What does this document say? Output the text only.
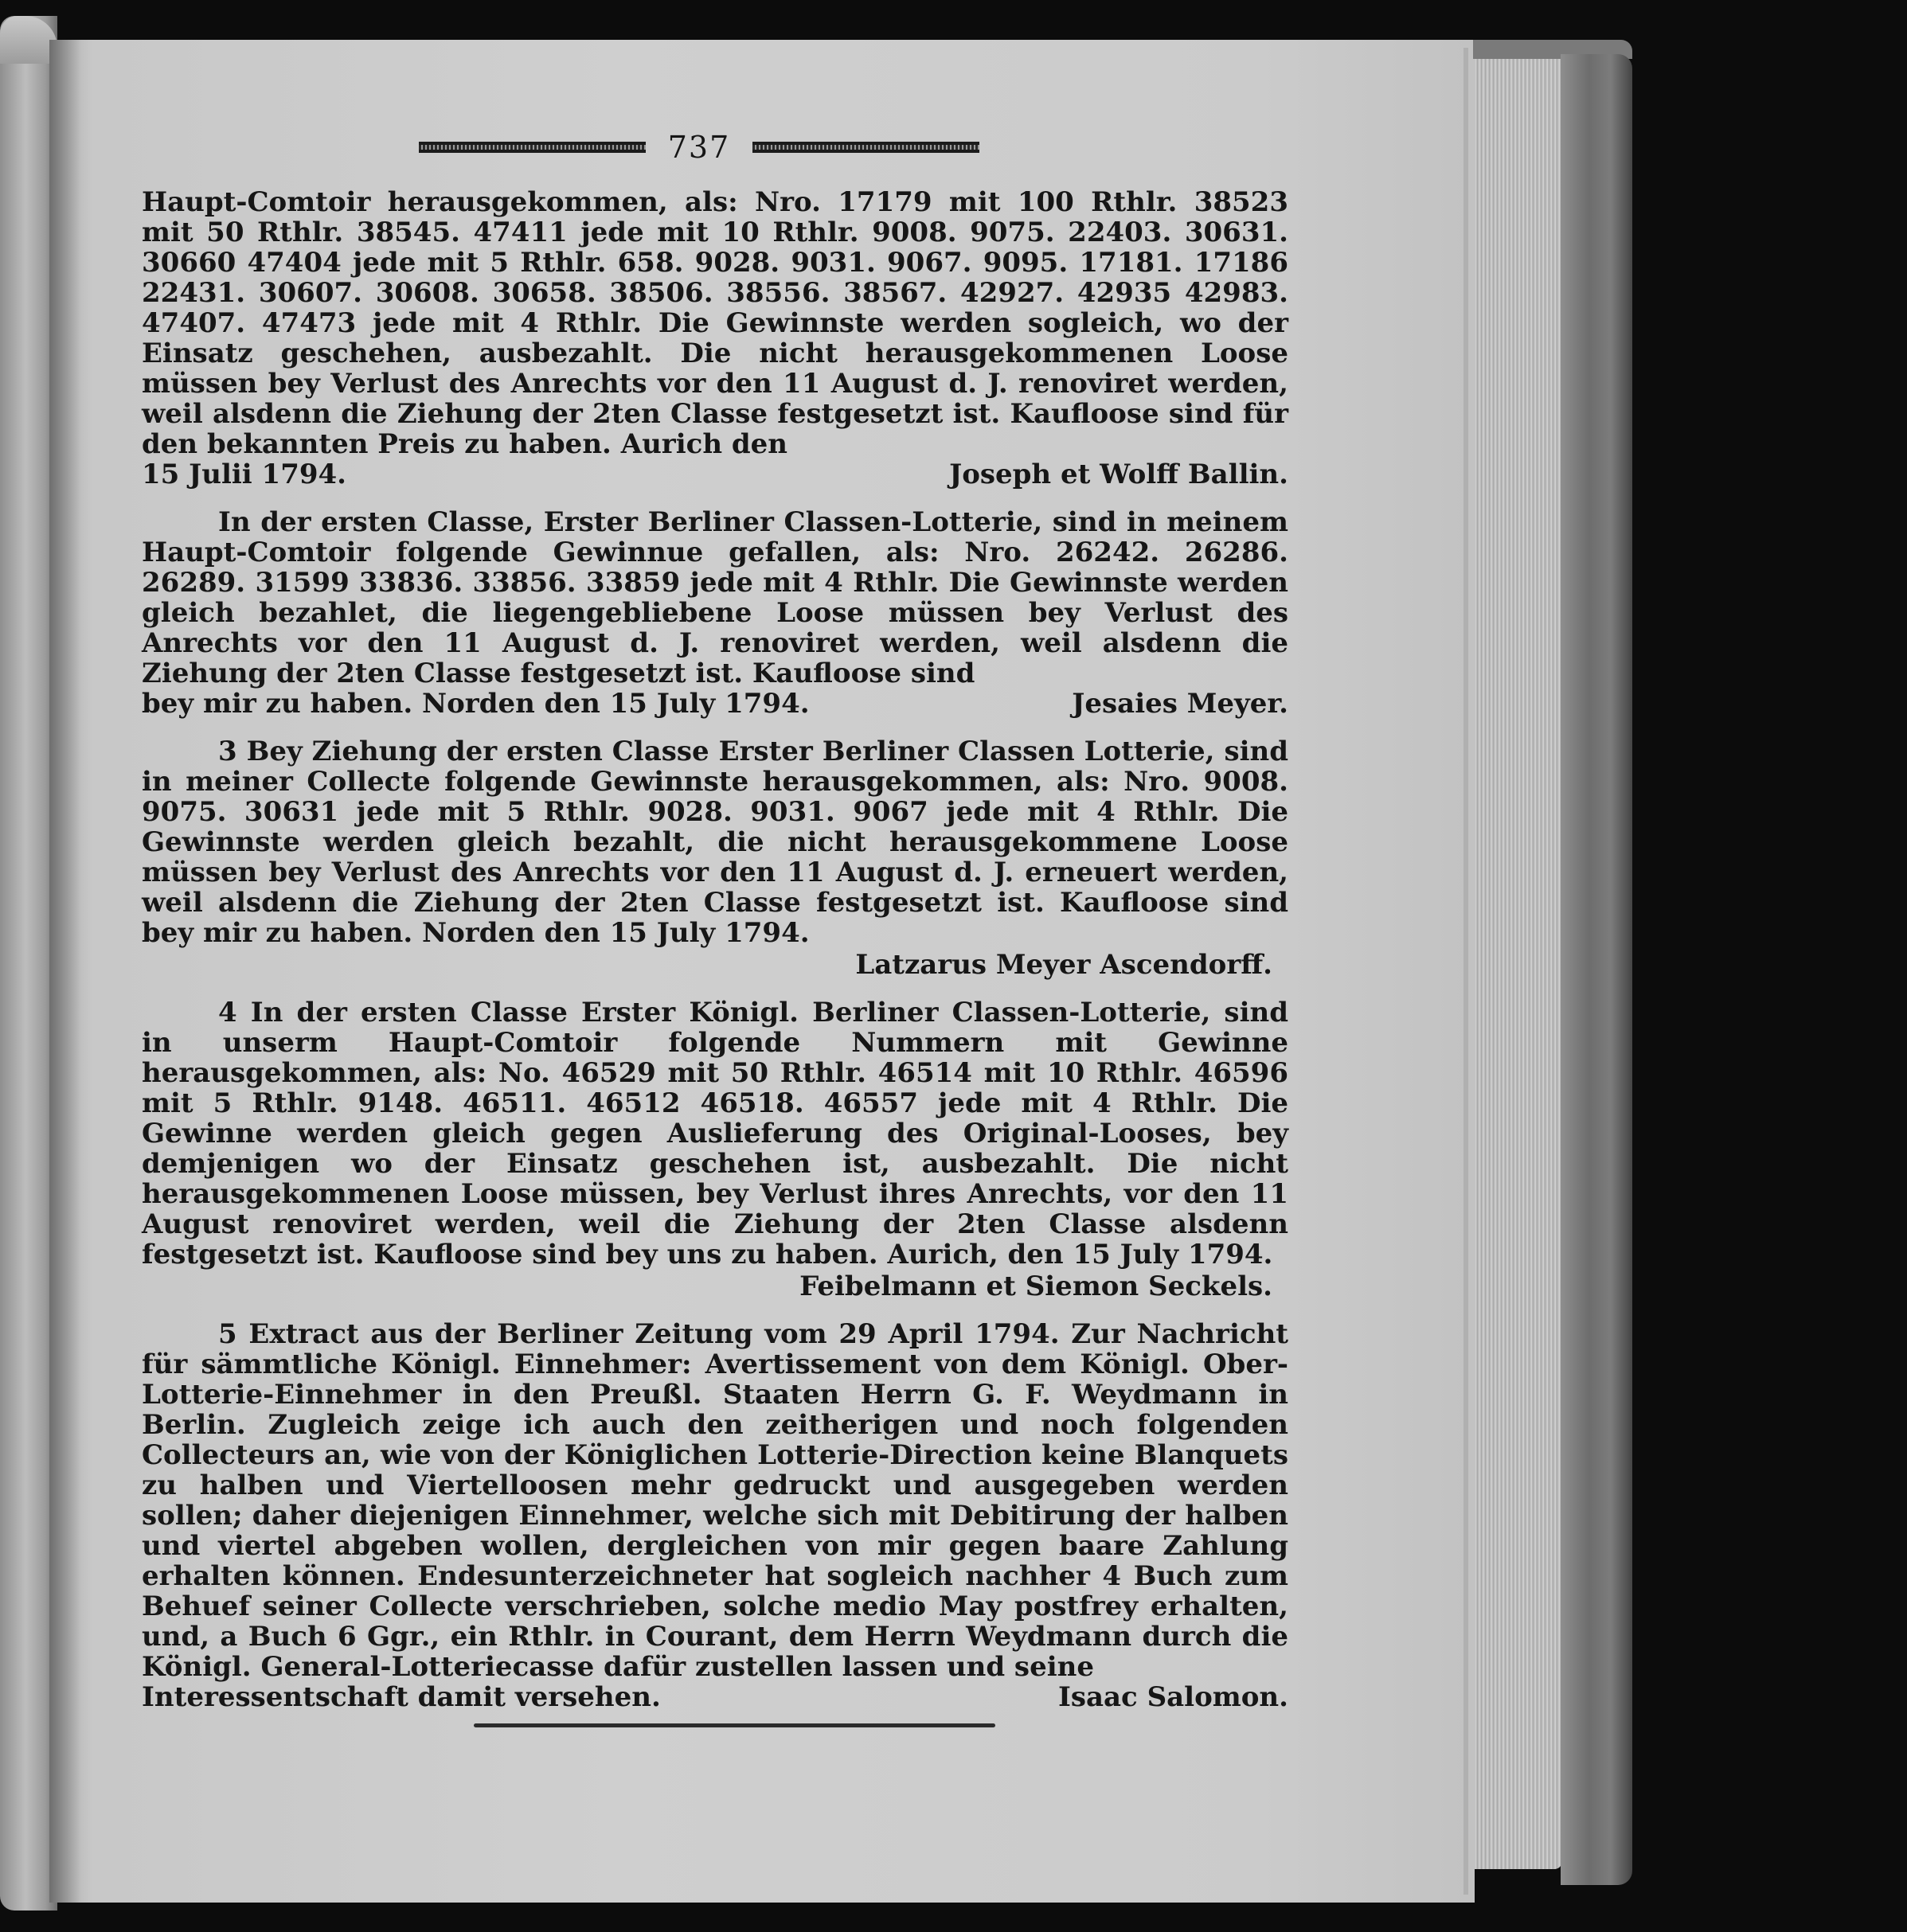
737

Haupt-Comtoir herausgekommen, als: Nro. 17179 mit 100 Rthlr. 38523 mit 50 Rthlr. 38545. 47411 jede mit 10 Rthlr. 9008. 9075. 22403. 30631. 30660 47404 jede mit 5 Rthlr. 658. 9028. 9031. 9067. 9095. 17181. 17186 22431. 30607. 30608. 30658. 38506. 38556. 38567. 42927. 42935 42983. 47407. 47473 jede mit 4 Rthlr. Die Gewinnste werden sogleich, wo der Einsatz geschehen, ausbezahlt. Die nicht herausgekommenen Loose müssen bey Verlust des Anrechts vor den 11 August d. J. renoviret werden, weil alsdenn die Ziehung der 2ten Classe festgesetzt ist. Kaufloose sind für den bekannten Preis zu haben. Aurich den

15 Julii 1794.	Joseph et Wolff Ballin.

In der ersten Classe, Erster Berliner Classen-Lotterie, sind in meinem Haupt-Comtoir folgende Gewinnue gefallen, als: Nro. 26242. 26286. 26289. 31599 33836. 33856. 33859 jede mit 4 Rthlr. Die Gewinnste werden gleich bezahlet, die liegengebliebene Loose müssen bey Verlust des Anrechts vor den 11 August d. J. renoviret werden, weil alsdenn die Ziehung der 2ten Classe festgesetzt ist. Kaufloose sind

bey mir zu haben. Norden den 15 July 1794.	Jesaies Meyer.

3 Bey Ziehung der ersten Classe Erster Berliner Classen Lotterie, sind in meiner Collecte folgende Gewinnste herausgekommen, als: Nro. 9008. 9075. 30631 jede mit 5 Rthlr. 9028. 9031. 9067 jede mit 4 Rthlr. Die Gewinnste werden gleich bezahlt, die nicht herausgekommene Loose müssen bey Verlust des Anrechts vor den 11 August d. J. erneuert werden, weil alsdenn die Ziehung der 2ten Classe festgesetzt ist. Kaufloose sind bey mir zu haben. Norden den 15 July 1794.

Latzarus Meyer Ascendorff.

4 In der ersten Classe Erster Königl. Berliner Classen-Lotterie, sind in unserm Haupt-Comtoir folgende Nummern mit Gewinne herausgekommen, als: No. 46529 mit 50 Rthlr. 46514 mit 10 Rthlr. 46596 mit 5 Rthlr. 9148. 46511. 46512 46518. 46557 jede mit 4 Rthlr. Die Gewinne werden gleich gegen Auslieferung des Original-Looses, bey demjenigen wo der Einsatz geschehen ist, ausbezahlt. Die nicht herausgekommenen Loose müssen, bey Verlust ihres Anrechts, vor den 11 August renoviret werden, weil die Ziehung der 2ten Classe alsdenn festgesetzt ist. Kaufloose sind bey uns zu haben. Aurich, den 15 July 1794.

Feibelmann et Siemon Seckels.

5 Extract aus der Berliner Zeitung vom 29 April 1794. Zur Nachricht für sämmtliche Königl. Einnehmer: Avertissement von dem Königl. Ober-Lotterie-Einnehmer in den Preußl. Staaten Herrn G. F. Weydmann in Berlin. Zugleich zeige ich auch den zeitherigen und noch folgenden Collecteurs an, wie von der Königlichen Lotterie-Direction keine Blanquets zu halben und Viertelloosen mehr gedruckt und ausgegeben werden sollen; daher diejenigen Einnehmer, welche sich mit Debitirung der halben und viertel abgeben wollen, dergleichen von mir gegen baare Zahlung erhalten können. Endesunterzeichneter hat sogleich nachher 4 Buch zum Behuef seiner Collecte verschrieben, solche medio May postfrey erhalten, und, a Buch 6 Ggr., ein Rthlr. in Courant, dem Herrn Weydmann durch die Königl. General-Lotteriecasse dafür zustellen lassen und seine

Interessentschaft damit versehen.	Isaac Salomon.
